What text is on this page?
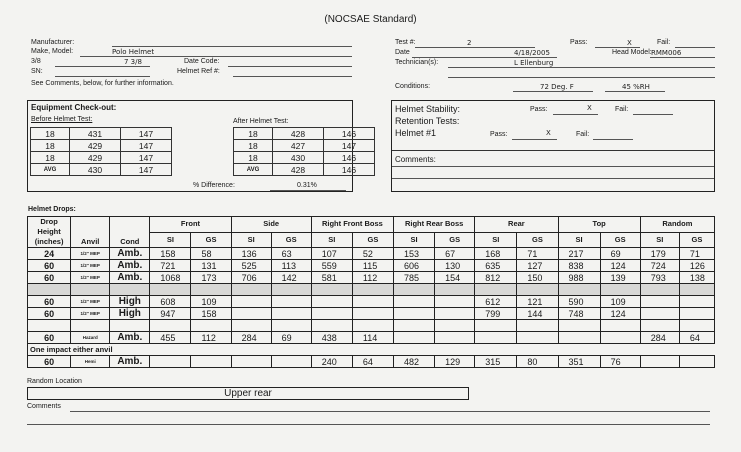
(NOCSAE Standard)
Manufacturer:
Make, Model:	Polo Helmet
3/8	7 3/8	Date Code:
SN:	Helmet Ref #:
See Comments, below, for further information.
Test #:	2	Pass:	X	Fail:
Date	4/18/2005	Head Model: RMM006
Technician(s):	L Ellenburg
Conditions:	72 Deg. F	45 %RH
Equipment Check-out:
Before Helmet Test:	After Helmet Test:
18	431	147
18	429	147
18	429	147
AVG	430	147
18	428	146
18	427	147
18	430	146
AVG	428	146
% Difference:	0.31%
Helmet Stability:	Pass:	X	Fail:
Retention Tests:
Helmet #1	Pass:	X	Fail:
Comments:
Helmet Drops:
Drop
Height
(inches)	Anvil	Cond	Front		Side		Right Front Boss		Right Rear Boss		Rear		Top		Random	
			SI	GS	SI	GS	SI	GS	SI	GS	SI	GS	SI	GS	SI	GS
24	1/2" MEP	Amb.	158	58	136	63	107	52	153	67	168	71	217	69	179	71
60	1/2" MEP	Amb.	721	131	525	113	559	115	606	130	635	127	838	124	724	126
60	1/2" MEP	Amb.	1068	173	706	142	581	112	785	154	812	150	988	139	793	138

60	1/2" MEP	High	608	109							612	121	590	109		
60	1/2" MEP	High	947	158							799	144	748	124		

60	Hazard	Amb.	455	112	284	69	438	114							284	64
One impact either anvil																
60	Hemi	Amb.					240	64	482	129	315	80	351	76		
Random Location
Upper rear
Comments
